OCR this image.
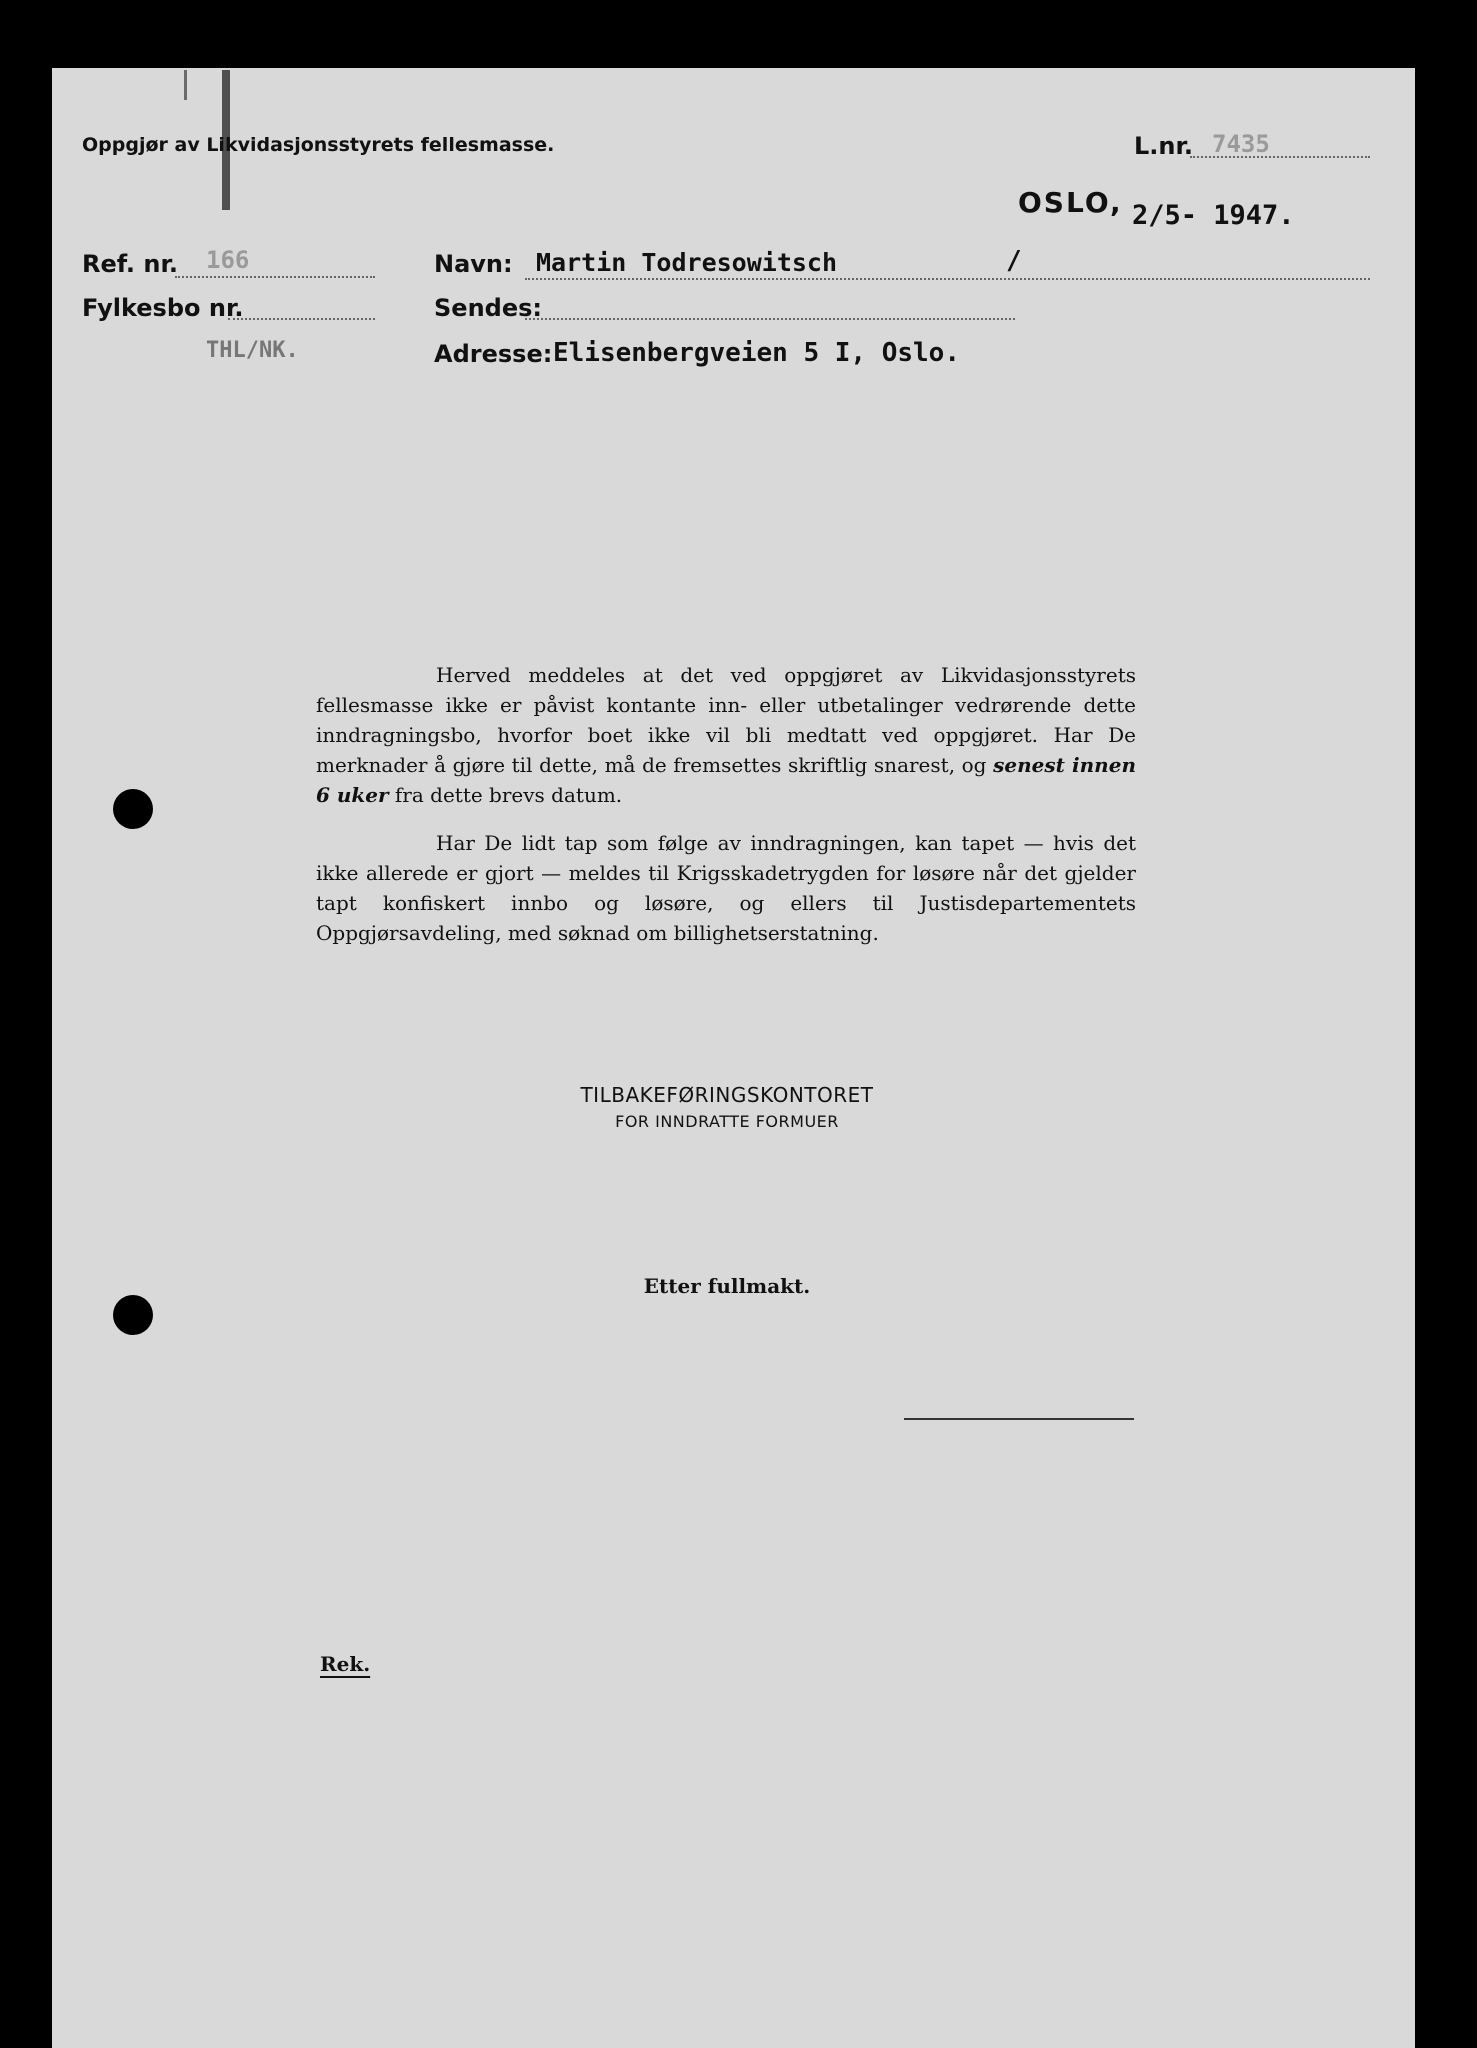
Oppgjør av Likvidasjonsstyrets fellesmasse.	L.nr. 7435
OSLO, 2/5- 1947.
Ref. nr. 166
Fylkesbo nr.
THL/NK.
Navn: Martin Todresowitsch	/
Sendes:
Adresse: Elisenbergveien 5 I, Oslo.

Herved meddeles at det ved oppgjøret av Likvidasjonsstyrets fellesmasse ikke er påvist kontante inn- eller utbetalinger vedrørende dette inndragningsbo, hvorfor boet ikke vil bli medtatt ved oppgjøret. Har De merknader å gjøre til dette, må de fremsettes skriftlig snarest, og senest innen 6 uker fra dette brevs datum.

Har De lidt tap som følge av inndragningen, kan tapet — hvis det ikke allerede er gjort — meldes til Krigsskadetrygden for løsøre når det gjelder tapt konfiskert innbo og løsøre, og ellers til Justisdepartementets Oppgjørsavdeling, med søknad om billighetserstatning.

TILBAKEFØRINGSKONTORET
FOR INNDRATTE FORMUER
Etter fullmakt.
Rek.
